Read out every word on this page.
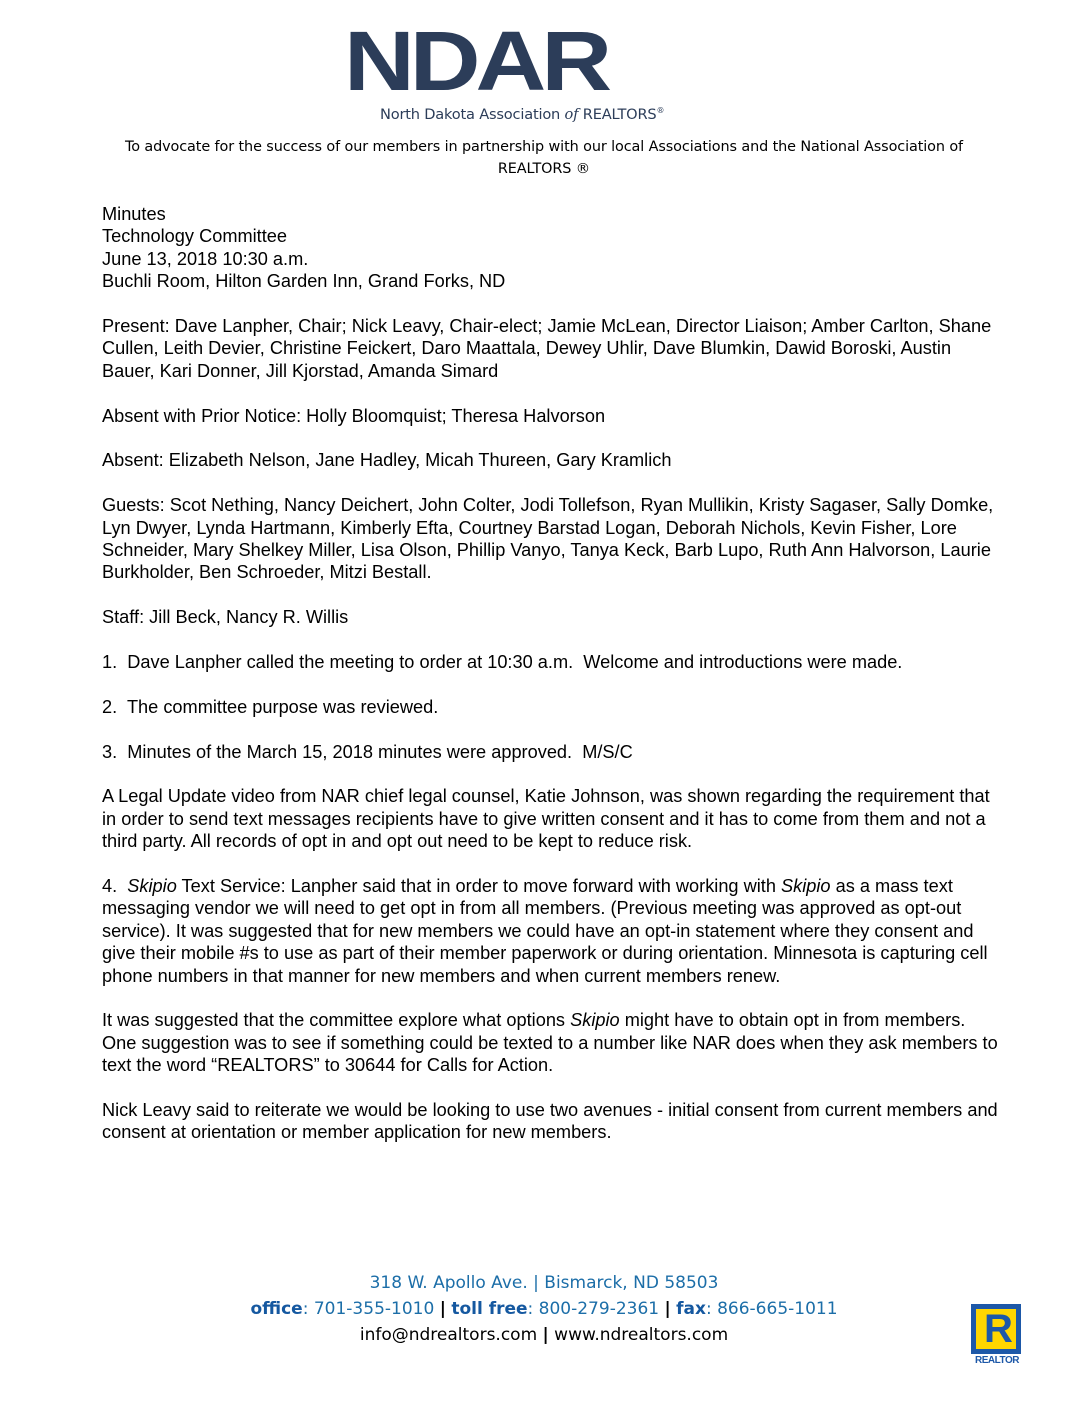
NDAR
North Dakota Association of REALTORS®
To advocate for the success of our members in partnership with our local Associations and the National Association of REALTORS ®

Minutes

Technology Committee

June 13, 2018 10:30 a.m.

Buchli Room, Hilton Garden Inn, Grand Forks, ND

Present: Dave Lanpher, Chair; Nick Leavy, Chair-elect; Jamie McLean, Director Liaison; Amber Carlton, Shane Cullen, Leith Devier, Christine Feickert, Daro Maattala, Dewey Uhlir, Dave Blumkin, Dawid Boroski, Austin Bauer, Kari Donner, Jill Kjorstad, Amanda Simard

Absent with Prior Notice: Holly Bloomquist; Theresa Halvorson

Absent: Elizabeth Nelson, Jane Hadley, Micah Thureen, Gary Kramlich

Guests: Scot Nething, Nancy Deichert, John Colter, Jodi Tollefson, Ryan Mullikin, Kristy Sagaser, Sally Domke, Lyn Dwyer, Lynda Hartmann, Kimberly Efta, Courtney Barstad Logan, Deborah Nichols, Kevin Fisher, Lore Schneider, Mary Shelkey Miller, Lisa Olson, Phillip Vanyo, Tanya Keck, Barb Lupo, Ruth Ann Halvorson, Laurie Burkholder, Ben Schroeder, Mitzi Bestall.

Staff: Jill Beck, Nancy R. Willis

1.  Dave Lanpher called the meeting to order at 10:30 a.m.  Welcome and introductions were made.

2.  The committee purpose was reviewed.

3.  Minutes of the March 15, 2018 minutes were approved.  M/S/C

A Legal Update video from NAR chief legal counsel, Katie Johnson, was shown regarding the requirement that in order to send text messages recipients have to give written consent and it has to come from them and not a third party. All records of opt in and opt out need to be kept to reduce risk.

4.  Skipio Text Service: Lanpher said that in order to move forward with working with Skipio as a mass text messaging vendor we will need to get opt in from all members. (Previous meeting was approved as opt-out service). It was suggested that for new members we could have an opt-in statement where they consent and give their mobile #s to use as part of their member paperwork or during orientation. Minnesota is capturing cell phone numbers in that manner for new members and when current members renew.

It was suggested that the committee explore what options Skipio might have to obtain opt in from members. One suggestion was to see if something could be texted to a number like NAR does when they ask members to text the word “REALTORS” to 30644 for Calls for Action.

Nick Leavy said to reiterate we would be looking to use two avenues - initial consent from current members and consent at orientation or member application for new members.

318 W. Apollo Ave. | Bismarck, ND 58503
office: 701-355-1010 | toll free: 800-279-2361 | fax: 866-665-1011
info@ndrealtors.com | www.ndrealtors.com	R
REALTOR
